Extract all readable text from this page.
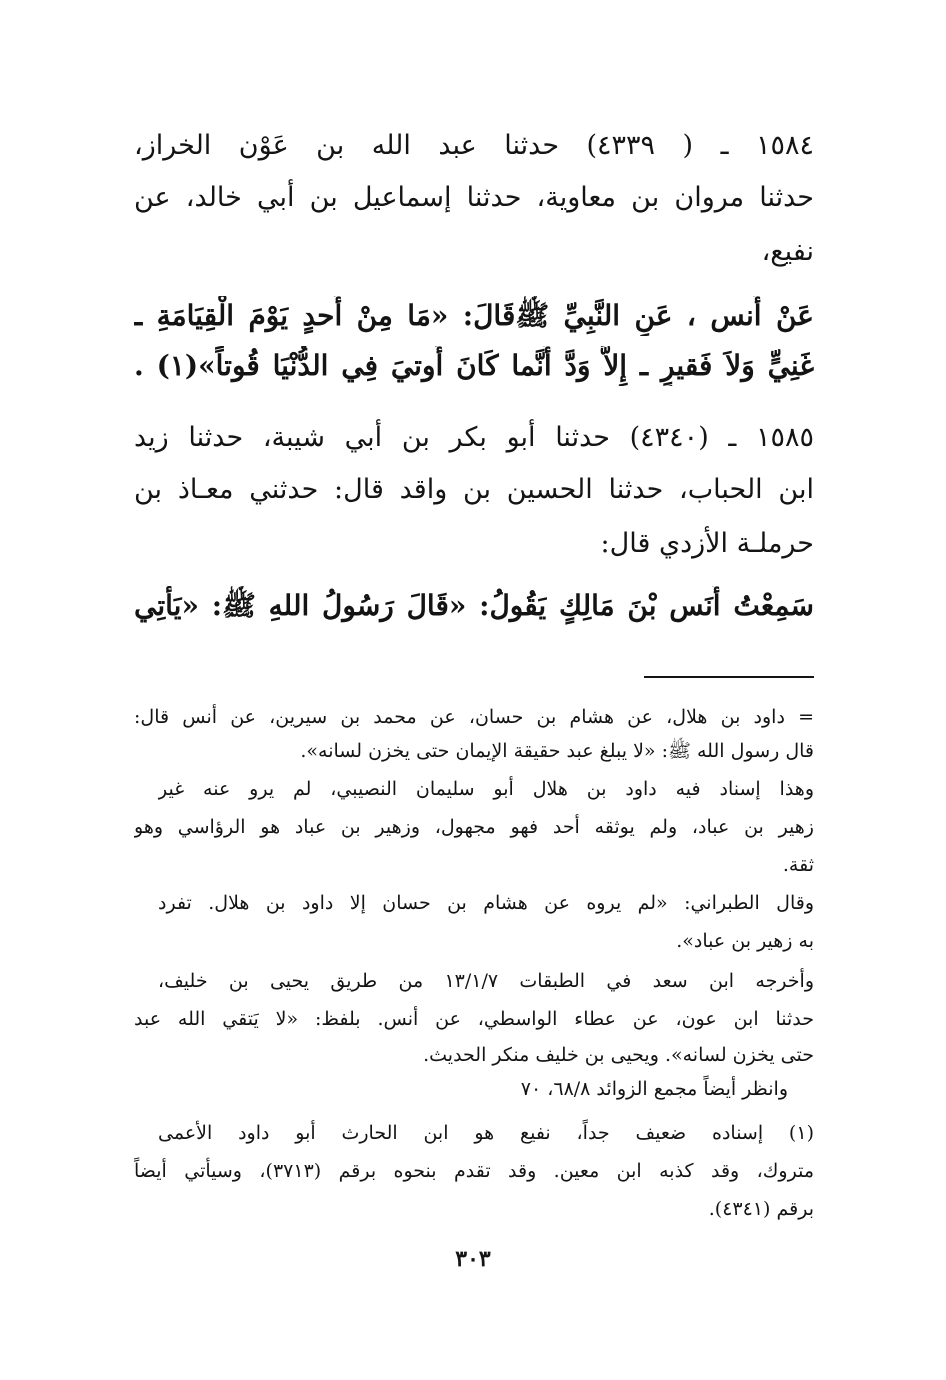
١٥٨٤ ـ ( ٤٣٣٩) حدثنا عبد الله بن عَوْن الخراز،
حدثنا مروان بن معاوية، حدثنا إسماعيل بن أبي خالد، عن
نفيع،
عَنْ أَنس ، عَنِ النَّبِيِّ ﷺقَالَ: «مَا مِنْ أَحدٍ يَوْمَ الْقِيَامَةِ ـ
غَنِيٍّ وَلاَ فَقيرٍ ـ إِلاَّ وَدَّ أَنَّما كَانَ أُوتيَ فِي الدُّنْيَا قُوتاً»(١) .
١٥٨٥ ـ (٤٣٤٠) حدثنا أبو بكر بن أبي شيبة، حدثنا زيد
ابن الحباب، حدثنا الحسين بن واقد قال: حدثني معـاذ بن
حرملـة الأزدي قال:
سَمِعْتُ أَنَس بْنَ مَالِكٍ يَقُولُ: «قَالَ رَسُولُ اللهِ ﷺ: «يَأْتِي
= داود بن هلال، عن هشام بن حسان، عن محمد بن سيرين، عن أنس قال:
قال رسول الله ﷺ: «لا يبلغ عبد حقيقة الإيمان حتى يخزن لسانه».
وهذا إسناد فيه داود بن هلال أبو سليمان النصيبي، لم يرو عنه غير
زهير بن عباد، ولم يوثقه أحد فهو مجهول، وزهير بن عباد هو الرؤاسي وهو
ثقة.
وقال الطبراني: «لم يروه عن هشام بن حسان إلا داود بن هلال. تفرد
به زهير بن عباد».
وأخرجه ابن سعد في الطبقات ١٣/١/٧ من طريق يحيى بن خليف،
حدثنا ابن عون، عن عطاء الواسطي، عن أنس. بلفظ: «لا يَتقي الله عبد
حتى يخزن لسانه». ويحيى بن خليف منكر الحديث.
وانظر أيضاً مجمع الزوائد ٦٨/٨، ٧٠
(١) إسناده ضعيف جداً، نفيع هو ابن الحارث أبو داود الأعمى
متروك، وقد كذبه ابن معين. وقد تقدم بنحوه برقم (٣٧١٣)، وسيأتي أيضاً
برقم (٤٣٤١).
٣٠٣
